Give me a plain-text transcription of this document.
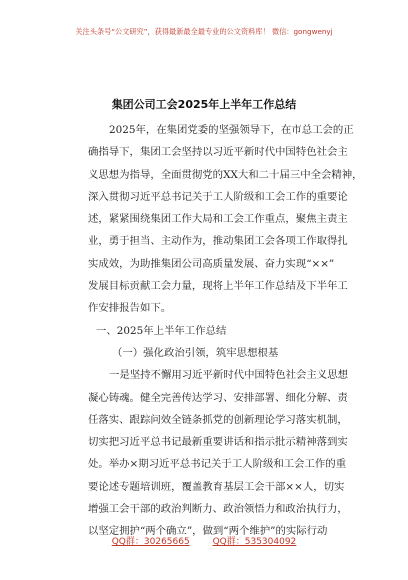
关注头条号“公文研究”，获得最新最全最专业的公文资料库！ 微信：gongwenyj
集团公司工会2025年上半年工作总结
2025年，在集团党委的坚强领导下，在市总工会的正
确指导下，集团工会坚持以习近平新时代中国特色社会主
义思想为指导，全面贯彻党的XX大和二十届三中全会精神，
深入贯彻习近平总书记关于工人阶级和工会工作的重要论
述，紧紧围绕集团工作大局和工会工作重点，聚焦主责主
业，勇于担当、主动作为，推动集团工会各项工作取得扎
实成效，为助推集团公司高质量发展、奋力实现“××”
发展目标贡献工会力量，现将上半年工作总结及下半年工
作安排报告如下。
一、2025年上半年工作总结
（一）强化政治引领，筑牢思想根基
一是坚持不懈用习近平新时代中国特色社会主义思想
凝心铸魂。健全完善传达学习、安排部署、细化分解、责
任落实、跟踪问效全链条抓党的创新理论学习落实机制，
切实把习近平总书记最新重要讲话和指示批示精神落到实
处。举办×期习近平总书记关于工人阶级和工会工作的重
要论述专题培训班，覆盖教育基层工会干部××人，切实
增强工会干部的政治判断力、政治领悟力和政治执行力，
以坚定拥护“两个确立”，做到“两个维护”的实际行动
QQ群：30265665	QQ群：535304092
